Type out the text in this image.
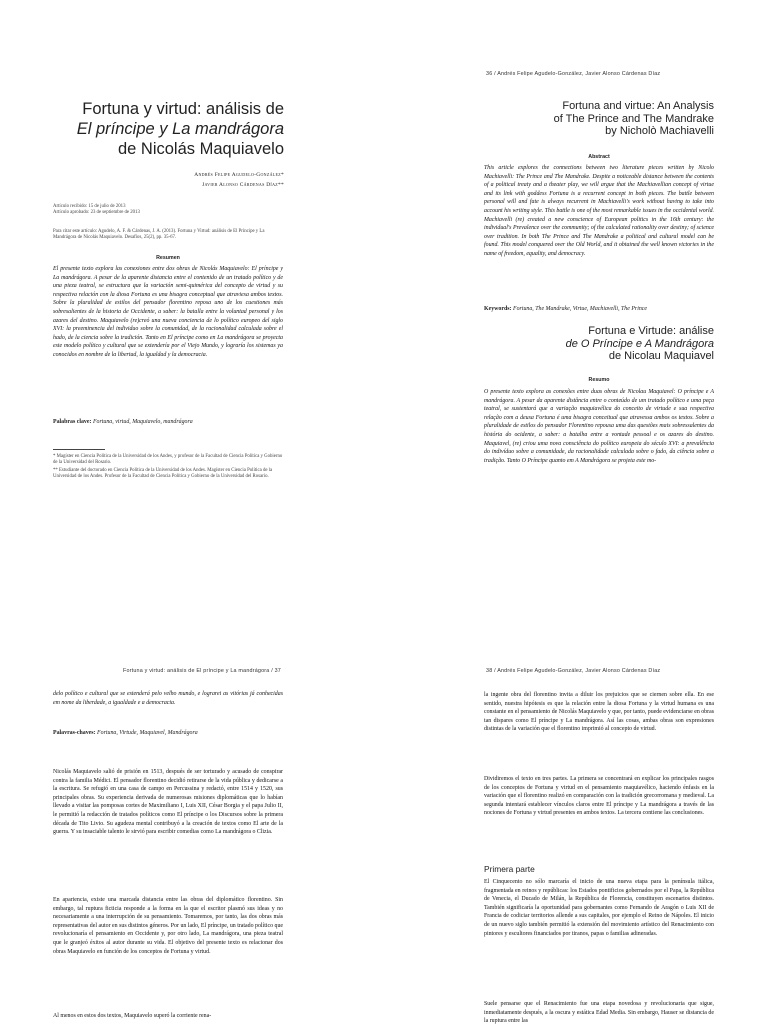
Fortuna y virtud: análisis de
El príncipe y La mandrágora
de Nicolás Maquiavelo
Andrés Felipe Agudelo-González*
Javier Alonso Cárdenas Díaz**
Artículo recibido: 15 de julio de 2013
Artículo aprobado: 23 de septiembre de 2013
Para citar este artículo: Agudelo, A. F. & Cárdenas, J. A. (2013). Fortuna y Virtud: análisis de El Príncipe y La Mandrágora de Nicolás Maquiavelo. Desafíos, 25(2), pp. 35-67.
Resumen
El presente texto explora las conexiones entre dos obras de Nicolás Maquiavelo: El príncipe y La mandrágora. A pesar de la aparente distancia entre el contenido de un tratado político y de una pieza teatral, se estructura que la variación semi-quimérica del concepto de virtud y su respectiva relación con la diosa Fortuna es una bisagra conceptual que atraviesa ambos textos. Sobre la pluralidad de estilos del pensador florentino reposa uno de los cuestiones más sobresalientes de la historia de Occidente, a saber: la batalla entre la voluntad personal y los azares del destino. Maquiavelo (re)creó una nueva conciencia de lo político europeo del siglo XVI: la preeminencia del individuo sobre la comunidad, de la racionalidad calculada sobre el hado, de la ciencia sobre la tradición. Tanto en El príncipe como en La mandrágora se proyecta este modelo político y cultural que se extendería por el Viejo Mundo, y lograría los sistemas ya conocidos en nombre de la libertad, la igualdad y la democracia.
Palabras clave: Fortuna, virtud, Maquiavelo, mandrágora
* Magíster en Ciencia Política de la Universidad de los Andes, y profesor de la Facultad de Ciencia Política y Gobierno de la Universidad del Rosario.
** Estudiante del doctorado en Ciencia Política de la Universidad de los Andes. Magíster en Ciencia Política de la Universidad de los Andes. Profesor de la Facultad de Ciencia Política y Gobierno de la Universidad del Rosario.
36 / Andrés Felipe Agudelo-González, Javier Alonso Cárdenas Díaz
Fortuna and virtue: An Analysis
of The Prince and The Mandrake
by Nicholò Machiavelli
Abstract
This article explores the connections between two literature pieces written by Nicolo Machiavelli: The Prince and The Mandrake. Despite a noticeable distance between the contents of a political treaty and a theater play, we will argue that the Machiavellian concept of virtue and its link with goddess Fortuna is a recurrent concept in both pieces. The battle between personal will and fate is always recurrent in Machiavelli's work without having to take into account his writing style. This battle is one of the most remarkable issues in the occidental world. Machiavelli (re) created a new conscience of European politics in the 16th century: the individual's Prevalence over the community; of the calculated rationality over destiny; of science over tradition. In both The Prince and The Mandrake a political and cultural model can be found. This model conquered over the Old World, and it obtained the well known victories in the name of freedom, equality, and democracy.
Keywords: Fortuna, The Mandrake, Virtue, Machiavelli, The Prince
Fortuna e Virtude: análise
de O Príncipe e A Mandrágora
de Nicolau Maquiavel
Resumo
O presente texto explora as conexões entre duas obras de Nicolau Maquiavel: O príncipe e A mandrágora. A pesar da aparente distância entre o conteúdo de um tratado político e uma peça teatral, se sustentará que a variação maquiavélica do conceito de virtude e sua respectiva relação com a deusa Fortuna é uma bisagra conceitual que atravessa ambos os textos. Sobre a pluralidade de estilos do pensador Florentino repousa uma das questões mais sobressalentes da história do ocidente, a saber: a batalha entre a vontade pessoal e os azares do destino. Maquiavel, (re) criou uma nova consciência do político europeia do século XVI: a prevalência do indivíduo sobre a comunidade, da racionalidade calculada sobre o fado, da ciência sobre a tradição. Tanto O Príncipe quanto em A Mandrágora se projeta este mo-
Fortuna y virtud: análisis de El príncipe y La mandrágora / 37
delo político e cultural que se estenderá pelo velho mundo, e lograrei as vitórias já conhecidas em nome da liberdade, a igualdade e a democracia.
Palavras-chaves: Fortuna, Virtude, Maquiavel, Mandrágora
Nicolás Maquiavelo salió de prisión en 1513, después de ser torturado y acusado de conspirar contra la familia Médici. El pensador florentino decidió retirarse de la vida pública y dedicarse a la escritura. Se refugió en una casa de campo en Percussina y redactó, entre 1514 y 1520, sus principales obras. Su experiencia derivada de numerosas misiones diplomáticas que lo habían llevado a visitar las pomposas cortes de Maximiliano I, Luis XII, César Borgia y el papa Julio II, le permitió la redacción de tratados políticos como El príncipe o los Discursos sobre la primera década de Tito Livio. Su agudeza mental contribuyó a la creación de textos como El arte de la guerra. Y su insaciable talento le sirvió para escribir comedias como La mandrágora o Clizia.
En apariencia, existe una marcada distancia entre las obras del diplomático florentino. Sin embargo, tal ruptura ficticia responde a la forma en la que el escritor plasmó sus ideas y no necesariamente a una interrupción de su pensamiento. Tomaremos, por tanto, las dos obras más representativas del autor en sus distintos géneros. Por un lado, El príncipe, un tratado político que revolucionaría el pensamiento en Occidente y, por otro lado, La mandrágora, una pieza teatral que le granjeó éxitos al autor durante su vida. El objetivo del presente texto es relacionar dos obras Maquiavelo en función de los conceptos de Fortuna y virtud.
Al menos en estos dos textos, Maquiavelo superó la corriente rena-
38 / Andrés Felipe Agudelo-González, Javier Alonso Cárdenas Díaz
la ingente obra del florentino invita a diluir los prejuicios que se ciernen sobre ella. En ese sentido, nuestra hipótesis es que la relación entre la diosa Fortuna y la virtud humana es una constante en el pensamiento de Nicolás Maquiavelo y que, por tanto, puede evidenciarse en obras tan dispares como El príncipe y La mandrágora. Así las cosas, ambas obras son expresiones distintas de la variación que el florentino imprimió al concepto de virtud.
Dividiremos el texto en tres partes. La primera se concentrará en explicar los principales rasgos de los conceptos de Fortuna y virtud en el pensamiento maquiavélico, haciendo énfasis en la variación que el florentino realizó en comparación con la tradición grecorromana y medieval. La segunda intentará establecer vínculos claros entre El príncipe y La mandrágora a través de las nociones de Fortuna y virtud presentes en ambos textos. La tercera contiene las conclusiones.
Primera parte
El Cinquecento no sólo marcaría el inicio de una nueva etapa para la península itálica, fragmentada en reinos y repúblicas: los Estados pontificios gobernados por el Papa, la República de Venecia, el Ducado de Milán, la República de Florencia, constituyen escenarios distintos. También significaría la oportunidad para gobernantes como Fernando de Aragón o Luis XII de Francia de codiciar territorios allende a sus capitales, por ejemplo el Reino de Nápoles. El inicio de un nuevo siglo también permitió la extensión del movimiento artístico del Renacimiento con pintores y escultores financiados por tiranos, papas o familias adineradas.
Suele pensarse que el Renacimiento fue una etapa novedosa y revolucionaria que sigue, inmediatamente después, a la oscura y estática Edad Media. Sin embargo, Hauser se distancia de la ruptura entre las
